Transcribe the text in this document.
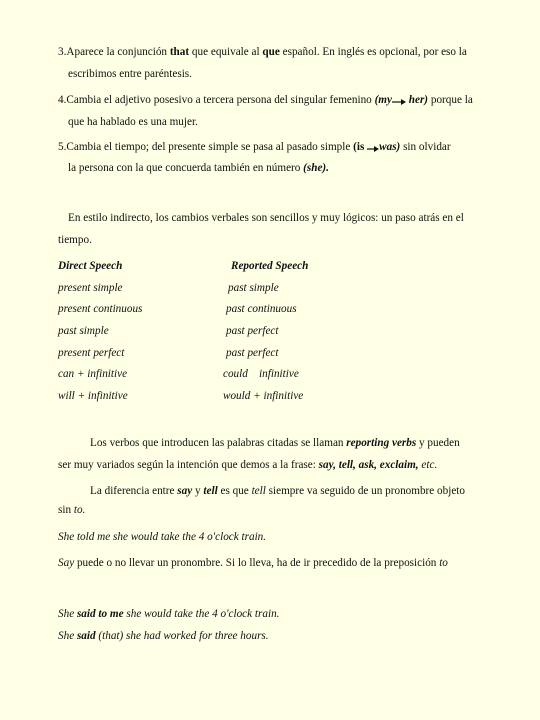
3.Aparece la conjunción that que equivale al que español. En inglés es opcional, por eso la
escribimos entre paréntesis.
4.Cambia el adjetivo posesivo a tercera persona del singular femenino (my her) porque la
que ha hablado es una mujer.
5.Cambia el tiempo; del presente simple se pasa al pasado simple (is was) sin olvidar
la persona con la que concuerda también en número (she).
En estilo indirecto, los cambios verbales son sencillos y muy lógicos: un paso atrás en el
tiempo.
Direct Speech	Reported Speech
present simple	past simple
present continuous	past continuous
past simple	past perfect
present perfect	past perfect
can + infinitive	could    infinitive
will + infinitive	would + infinitive
Los verbos que introducen las palabras citadas se llaman reporting verbs y pueden
ser muy variados según la intención que demos a la frase: say, tell, ask, exclaim, etc.
La diferencia entre say y tell es que tell siempre va seguido de un pronombre objeto
sin to.
She told me she would take the 4 o'clock train.
Say puede o no llevar un pronombre. Si lo lleva, ha de ir precedido de la preposición to
She said to me she would take the 4 o'clock train.
She said (that) she had worked for three hours.
